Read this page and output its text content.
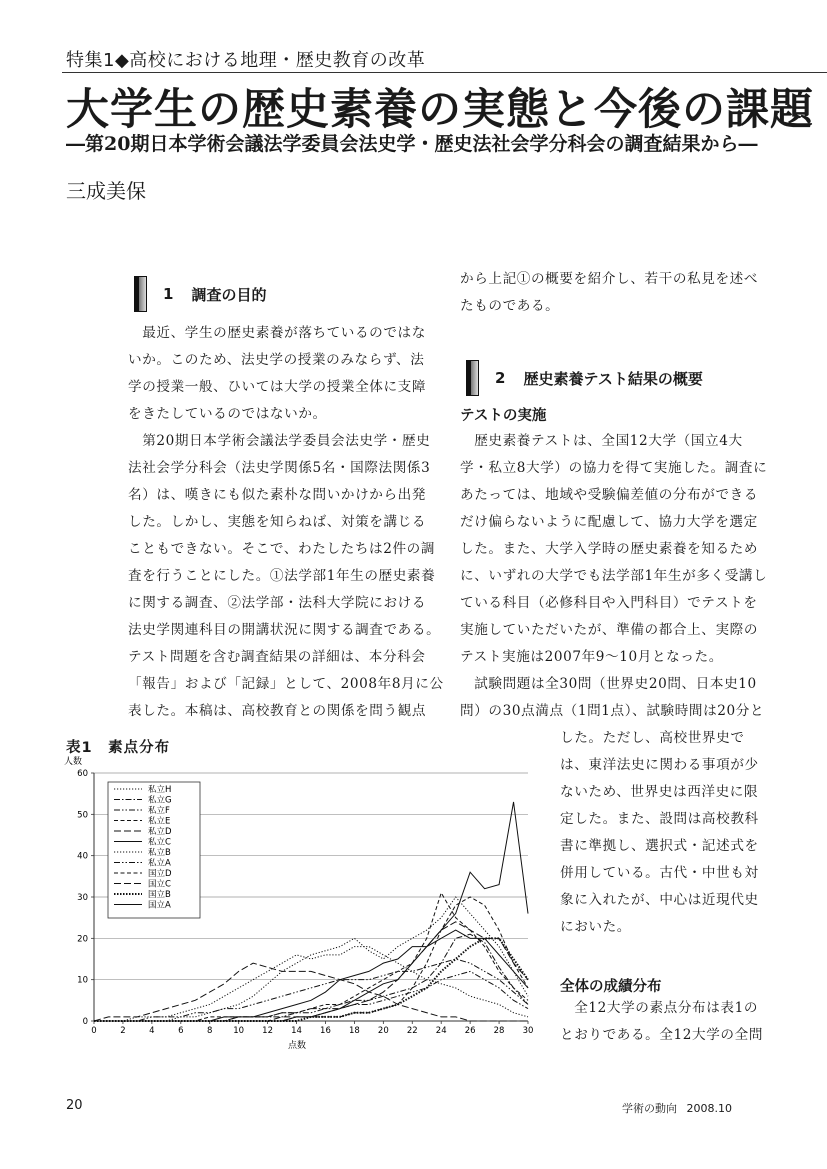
特集1◆高校における地理・歴史教育の改革
大学生の歴史素養の実態と今後の課題
―第20期日本学術会議法学委員会法史学・歴史法社会学分科会の調査結果から―
三成美保
1 調査の目的

　最近、学生の歴史素養が落ちているのではな

いか。このため、法史学の授業のみならず、法

学の授業一般、ひいては大学の授業全体に支障

をきたしているのではないか。

　第20期日本学術会議法学委員会法史学・歴史

法社会学分科会（法史学関係5名・国際法関係3

名）は、嘆きにも似た素朴な問いかけから出発

した。しかし、実態を知らねば、対策を講じる

こともできない。そこで、わたしたちは2件の調

査を行うことにした。①法学部1年生の歴史素養

に関する調査、②法学部・法科大学院における

法史学関連科目の開講状況に関する調査である。

テスト問題を含む調査結果の詳細は、本分科会

「報告」および「記録」として、2008年8月に公

表した。本稿は、高校教育との関係を問う観点

から上記①の概要を紹介し、若干の私見を述べ

たものである。

2 歴史素養テスト結果の概要
テストの実施

　歴史素養テストは、全国12大学（国立4大

学・私立8大学）の協力を得て実施した。調査に

あたっては、地域や受験偏差値の分布ができる

だけ偏らないように配慮して、協力大学を選定

した。また、大学入学時の歴史素養を知るため

に、いずれの大学でも法学部1年生が多く受講し

ている科目（必修科目や入門科目）でテストを

実施していただいたが、準備の都合上、実際の

テスト実施は2007年9～10月となった。

　試験問題は全30問（世界史20問、日本史10

問）の30点満点（1問1点）、試験時間は20分と

した。ただし、高校世界史で

は、東洋法史に関わる事項が少

ないため、世界史は西洋史に限

定した。また、設問は高校教科

書に準拠し、選択式・記述式を

併用している。古代・中世も対

象に入れたが、中心は近現代史

においた。

全体の成績分布

　全12大学の素点分布は表1の

とおりである。全12大学の全問

表1　素点分布
人数
点数
0
10
20
30
40
50
60
0	2	4	6	8 10 12 14 16 18 20 22 24 26 28 30
私立H
私立G
私立F
私立E
私立D
私立C
私立B
私立A
国立D
国立C
国立B
国立A
20	学術の動向 2008.10
